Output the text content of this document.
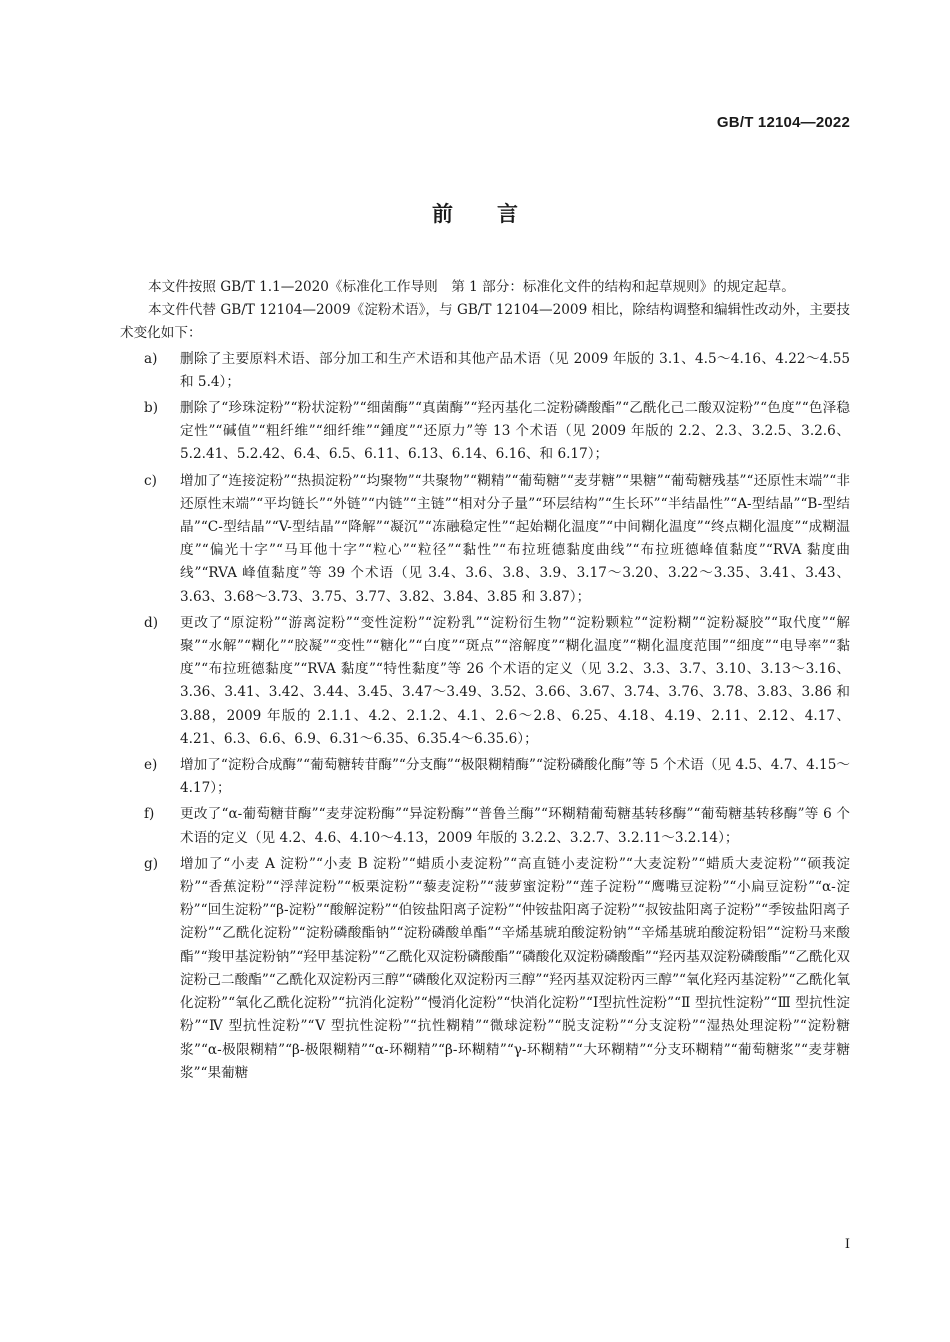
GB/T 12104—2022
前言

本文件按照 GB/T 1.1—2020《标准化工作导则　第 1 部分：标准化文件的结构和起草规则》的规定起草。

本文件代替 GB/T 12104—2009《淀粉术语》，与 GB/T 12104—2009 相比，除结构调整和编辑性改动外，主要技术变化如下：

a)	删除了主要原料术语、部分加工和生产术语和其他产品术语（见 2009 年版的 3.1、4.5～4.16、4.22～4.55 和 5.4）；
b)	删除了“珍珠淀粉”“粉状淀粉”“细菌酶”“真菌酶”“羟丙基化二淀粉磷酸酯”“乙酰化己二酸双淀粉”“色度”“色泽稳定性”“碱值”“粗纤维”“细纤维”“鍾度”“还原力”等 13 个术语（见 2009 年版的 2.2、2.3、3.2.5、3.2.6、5.2.41、5.2.42、6.4、6.5、6.11、6.13、6.14、6.16、和 6.17）；
c)	增加了“连接淀粉”“热损淀粉”“均聚物”“共聚物”“糊精”“葡萄糖”“麦芽糖”“果糖”“葡萄糖残基”“还原性末端”“非还原性末端”“平均链长”“外链”“内链”“主链”“相对分子量”“环层结构”“生长环”“半结晶性”“A-型结晶”“B-型结晶”“C-型结晶”“V-型结晶”“降解”“凝沉”“冻融稳定性”“起始糊化温度”“中间糊化温度”“终点糊化温度”“成糊温度”“偏光十字”“马耳他十字”“粒心”“粒径”“黏性”“布拉班德黏度曲线”“布拉班德峰值黏度”“RVA 黏度曲线”“RVA 峰值黏度”等 39 个术语（见 3.4、3.6、3.8、3.9、3.17～3.20、3.22～3.35、3.41、3.43、3.63、3.68～3.73、3.75、3.77、3.82、3.84、3.85 和 3.87）；
d)	更改了“原淀粉”“游离淀粉”“变性淀粉”“淀粉乳”“淀粉衍生物”“淀粉颗粒”“淀粉糊”“淀粉凝胶”“取代度”“解聚”“水解”“糊化”“胶凝”“变性”“糖化”“白度”“斑点”“溶解度”“糊化温度”“糊化温度范围”“细度”“电导率”“黏度”“布拉班德黏度”“RVA 黏度”“特性黏度”等 26 个术语的定义（见 3.2、3.3、3.7、3.10、3.13～3.16、3.36、3.41、3.42、3.44、3.45、3.47～3.49、3.52、3.66、3.67、3.74、3.76、3.78、3.83、3.86 和 3.88，2009 年版的 2.1.1、4.2、2.1.2、4.1、2.6～2.8、6.25、4.18、4.19、2.11、2.12、4.17、4.21、6.3、6.6、6.9、6.31～6.35、6.35.4～6.35.6）；
e)	增加了“淀粉合成酶”“葡萄糖转苷酶”“分支酶”“极限糊精酶”“淀粉磷酸化酶”等 5 个术语（见 4.5、4.7、4.15～4.17）；
f)	更改了“α-葡萄糖苷酶”“麦芽淀粉酶”“异淀粉酶”“普鲁兰酶”“环糊精葡萄糖基转移酶”“葡萄糖基转移酶”等 6 个术语的定义（见 4.2、4.6、4.10～4.13，2009 年版的 3.2.2、3.2.7、3.2.11～3.2.14）；
g)	增加了“小麦 A 淀粉”“小麦 B 淀粉”“蜡质小麦淀粉”“高直链小麦淀粉”“大麦淀粉”“蜡质大麦淀粉”“硕莪淀粉”“香蕉淀粉”“浮萍淀粉”“板栗淀粉”“藜麦淀粉”“菠萝蜜淀粉”“莲子淀粉”“鹰嘴豆淀粉”“小扁豆淀粉”“α-淀粉”“回生淀粉”“β-淀粉”“酸解淀粉”“伯铵盐阳离子淀粉”“仲铵盐阳离子淀粉”“叔铵盐阳离子淀粉”“季铵盐阳离子淀粉”“乙酰化淀粉”“淀粉磷酸酯钠”“淀粉磷酸单酯”“辛烯基琥珀酸淀粉钠”“辛烯基琥珀酸淀粉铝”“淀粉马来酸酯”“羧甲基淀粉钠”“羟甲基淀粉”“乙酰化双淀粉磷酸酯”“磷酸化双淀粉磷酸酯”“羟丙基双淀粉磷酸酯”“乙酰化双淀粉己二酸酯”“乙酰化双淀粉丙三醇”“磷酸化双淀粉丙三醇”“羟丙基双淀粉丙三醇”“氧化羟丙基淀粉”“乙酰化氧化淀粉”“氧化乙酰化淀粉”“抗消化淀粉”“慢消化淀粉”“快消化淀粉”“Ⅰ型抗性淀粉”“Ⅱ 型抗性淀粉”“Ⅲ 型抗性淀粉”“Ⅳ 型抗性淀粉”“Ⅴ 型抗性淀粉”“抗性糊精”“微球淀粉”“脱支淀粉”“分支淀粉”“湿热处理淀粉”“淀粉糖浆”“α-极限糊精”“β-极限糊精”“α-环糊精”“β-环糊精”“γ-环糊精”“大环糊精”“分支环糊精”“葡萄糖浆”“麦芽糖浆”“果葡糖
I
